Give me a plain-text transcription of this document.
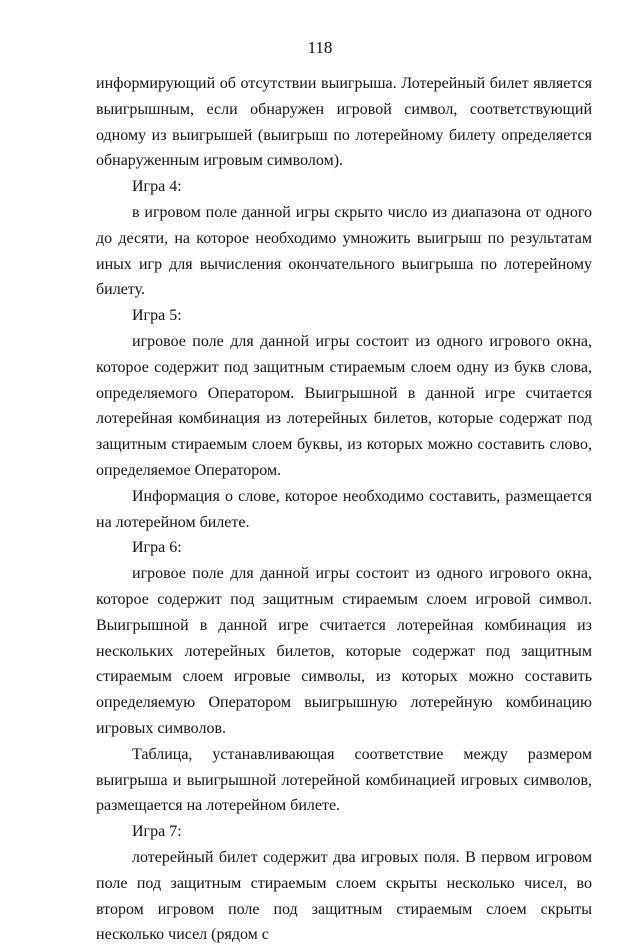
118

информирующий об отсутствии выигрыша. Лотерейный билет является выигрышным, если обнаружен игровой символ, соответствующий одному из выигрышей (выигрыш по лотерейному билету определяется обнаруженным игровым символом).

Игра 4:

в игровом поле данной игры скрыто число из диапазона от одного до десяти, на которое необходимо умножить выигрыш по результатам иных игр для вычисления окончательного выигрыша по лотерейному билету.

Игра 5:

игровое поле для данной игры состоит из одного игрового окна, которое содержит под защитным стираемым слоем одну из букв слова, определяемого Оператором. Выигрышной в данной игре считается лотерейная комбинация из лотерейных билетов, которые содержат под защитным стираемым слоем буквы, из которых можно составить слово, определяемое Оператором.

Информация о слове, которое необходимо составить, размещается на лотерейном билете.

Игра 6:

игровое поле для данной игры состоит из одного игрового окна, которое содержит под защитным стираемым слоем игровой символ. Выигрышной в данной игре считается лотерейная комбинация из нескольких лотерейных билетов, которые содержат под защитным стираемым слоем игровые символы, из которых можно составить определяемую Оператором выигрышную лотерейную комбинацию игровых символов.

Таблица, устанавливающая соответствие между размером выигрыша и выигрышной лотерейной комбинацией игровых символов, размещается на лотерейном билете.

Игра 7:

лотерейный билет содержит два игровых поля. В первом игровом поле под защитным стираемым слоем скрыты несколько чисел, во втором игровом поле под защитным стираемым слоем скрыты несколько чисел (рядом с
